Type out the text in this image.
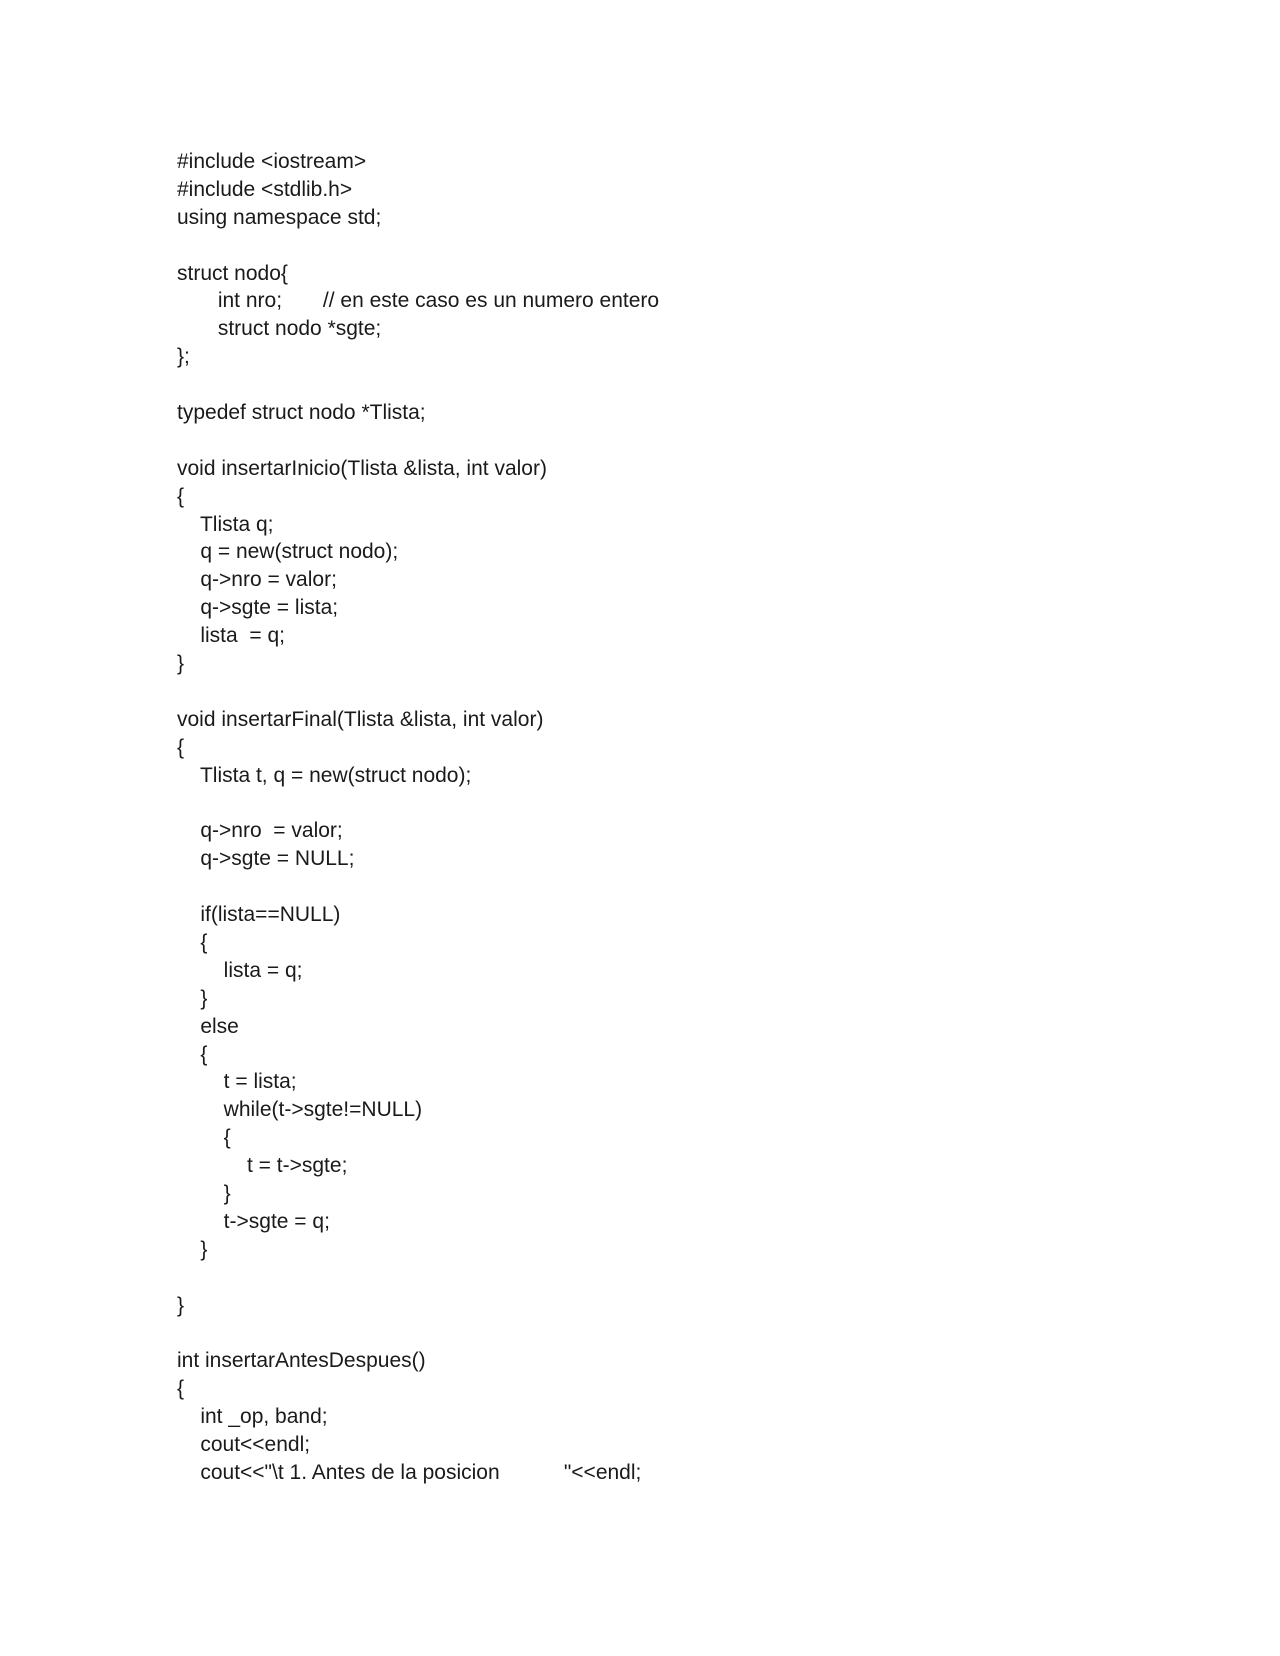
#include <iostream>
#include <stdlib.h>
using namespace std;
struct nodo{
int nro;       // en este caso es un numero entero
struct nodo *sgte;
};
typedef struct nodo *Tlista;
void insertarInicio(Tlista &lista, int valor)
{
Tlista q;
q = new(struct nodo);
q->nro = valor;
q->sgte = lista;
lista  = q;
}
void insertarFinal(Tlista &lista, int valor)
{
Tlista t, q = new(struct nodo);
q->nro  = valor;
q->sgte = NULL;
if(lista==NULL)
{
lista = q;
}
else
{
t = lista;
while(t->sgte!=NULL)
{
t = t->sgte;
}
t->sgte = q;
}
}
int insertarAntesDespues()
{
int _op, band;
cout<<endl;
cout<<"\t 1. Antes de la posicion           "<<endl;
